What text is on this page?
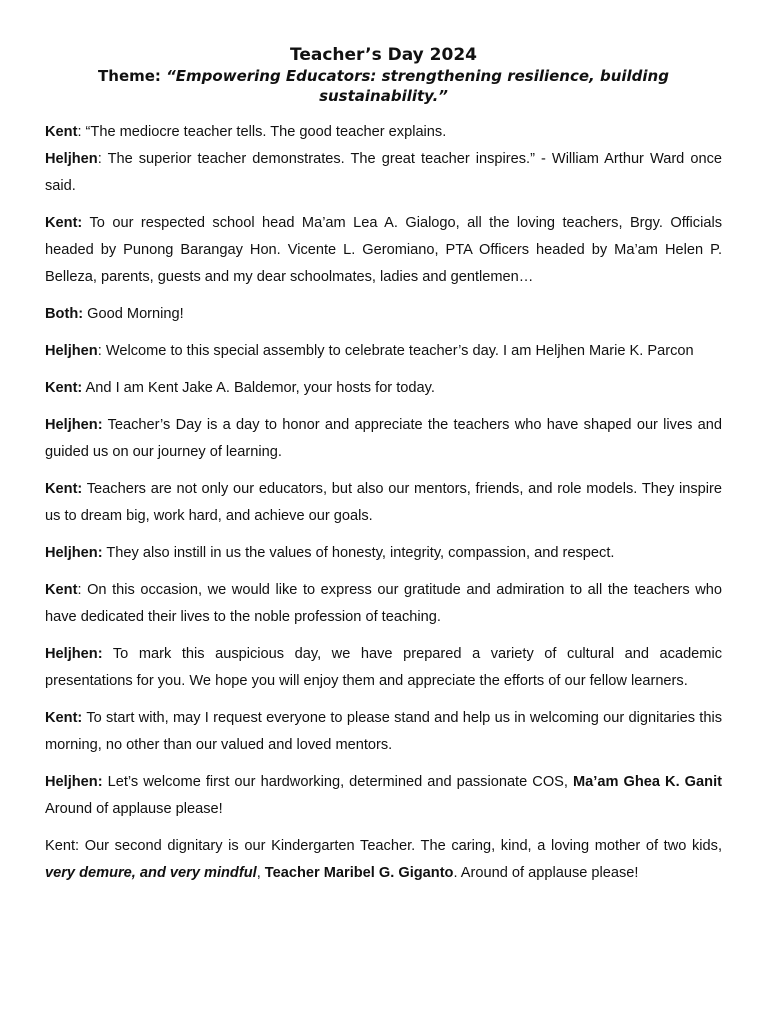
Teacher’s Day 2024
Theme: “Empowering Educators: strengthening resilience, building sustainability.”

Kent: “The mediocre teacher tells. The good teacher explains.

Heljhen: The superior teacher demonstrates. The great teacher inspires.” - William Arthur Ward once said.

Kent: To our respected school head Ma’am Lea A. Gialogo, all the loving teachers, Brgy. Officials headed by Punong Barangay Hon. Vicente L. Geromiano, PTA Officers headed by Ma’am Helen P. Belleza, parents, guests and my dear schoolmates, ladies and gentlemen…

Both: Good Morning!

Heljhen: Welcome to this special assembly to celebrate teacher’s day. I am Heljhen Marie K. Parcon

Kent: And I am Kent Jake A. Baldemor, your hosts for today.

Heljhen: Teacher’s Day is a day to honor and appreciate the teachers who have shaped our lives and guided us on our journey of learning.

Kent: Teachers are not only our educators, but also our mentors, friends, and role models. They inspire us to dream big, work hard, and achieve our goals.

Heljhen: They also instill in us the values of honesty, integrity, compassion, and respect.

Kent: On this occasion, we would like to express our gratitude and admiration to all the teachers who have dedicated their lives to the noble profession of teaching.

Heljhen: To mark this auspicious day, we have prepared a variety of cultural and academic presentations for you. We hope you will enjoy them and appreciate the efforts of our fellow learners.

Kent: To start with, may I request everyone to please stand and help us in welcoming our dignitaries this morning, no other than our valued and loved mentors.

Heljhen: Let’s welcome first our hardworking, determined and passionate COS, Ma’am Ghea K. Ganit Around of applause please!

Kent: Our second dignitary is our Kindergarten Teacher. The caring, kind, a loving mother of two kids, very demure, and very mindful, Teacher Maribel G. Giganto. Around of applause please!
